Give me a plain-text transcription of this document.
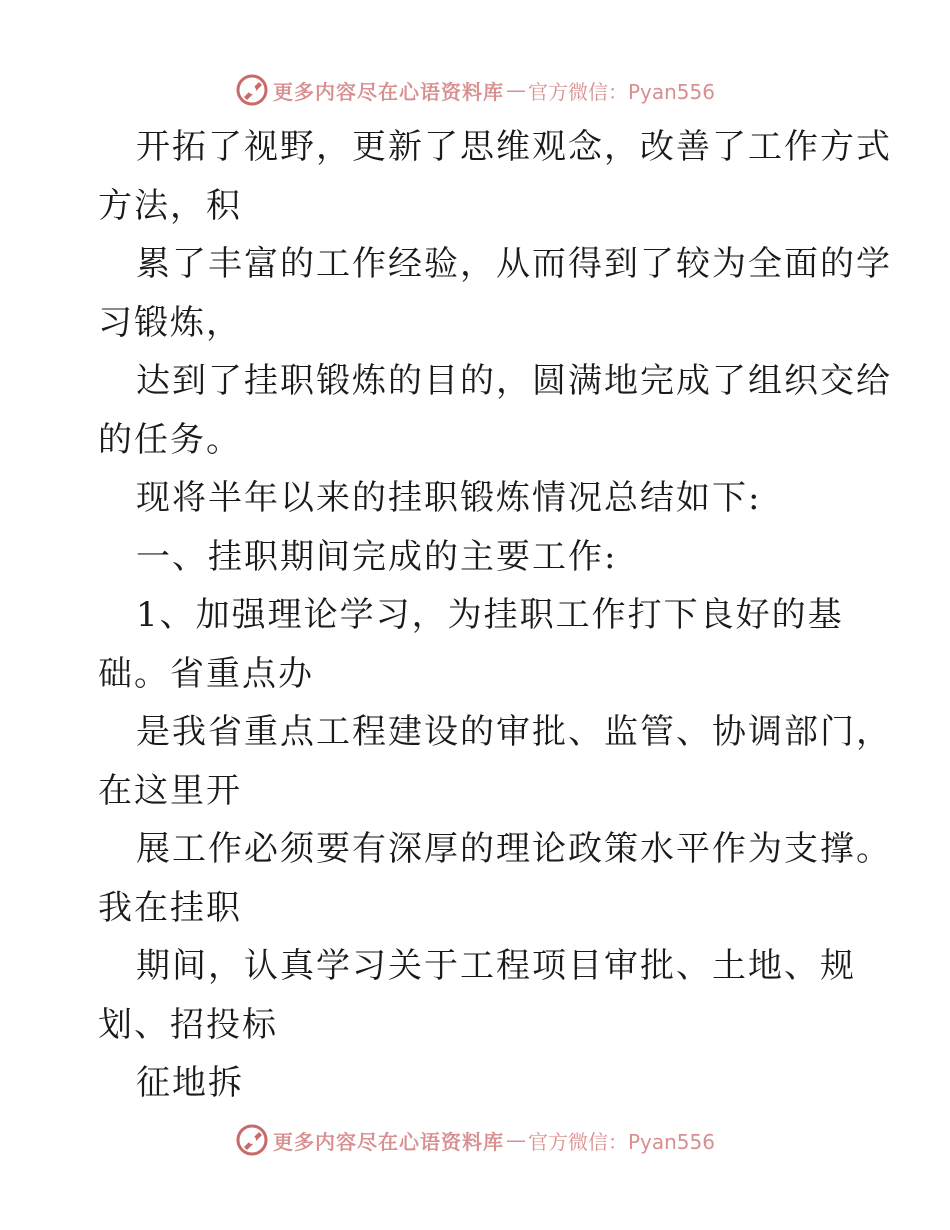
更多内容尽在心语资料库 — 官方微信：Pyan556
开拓了视野，更新了思维观念，改善了工作方式
方法，积
累了丰富的工作经验，从而得到了较为全面的学
习锻炼，
达到了挂职锻炼的目的，圆满地完成了组织交给
的任务。
现将半年以来的挂职锻炼情况总结如下:
一、挂职期间完成的主要工作:
1、加强理论学习，为挂职工作打下良好的基
础。省重点办
是我省重点工程建设的审批、监管、协调部门，
在这里开
展工作必须要有深厚的理论政策水平作为支撑。
我在挂职
期间，认真学习关于工程项目审批、土地、规
划、招投标
征地拆
更多内容尽在心语资料库 — 官方微信：Pyan556
